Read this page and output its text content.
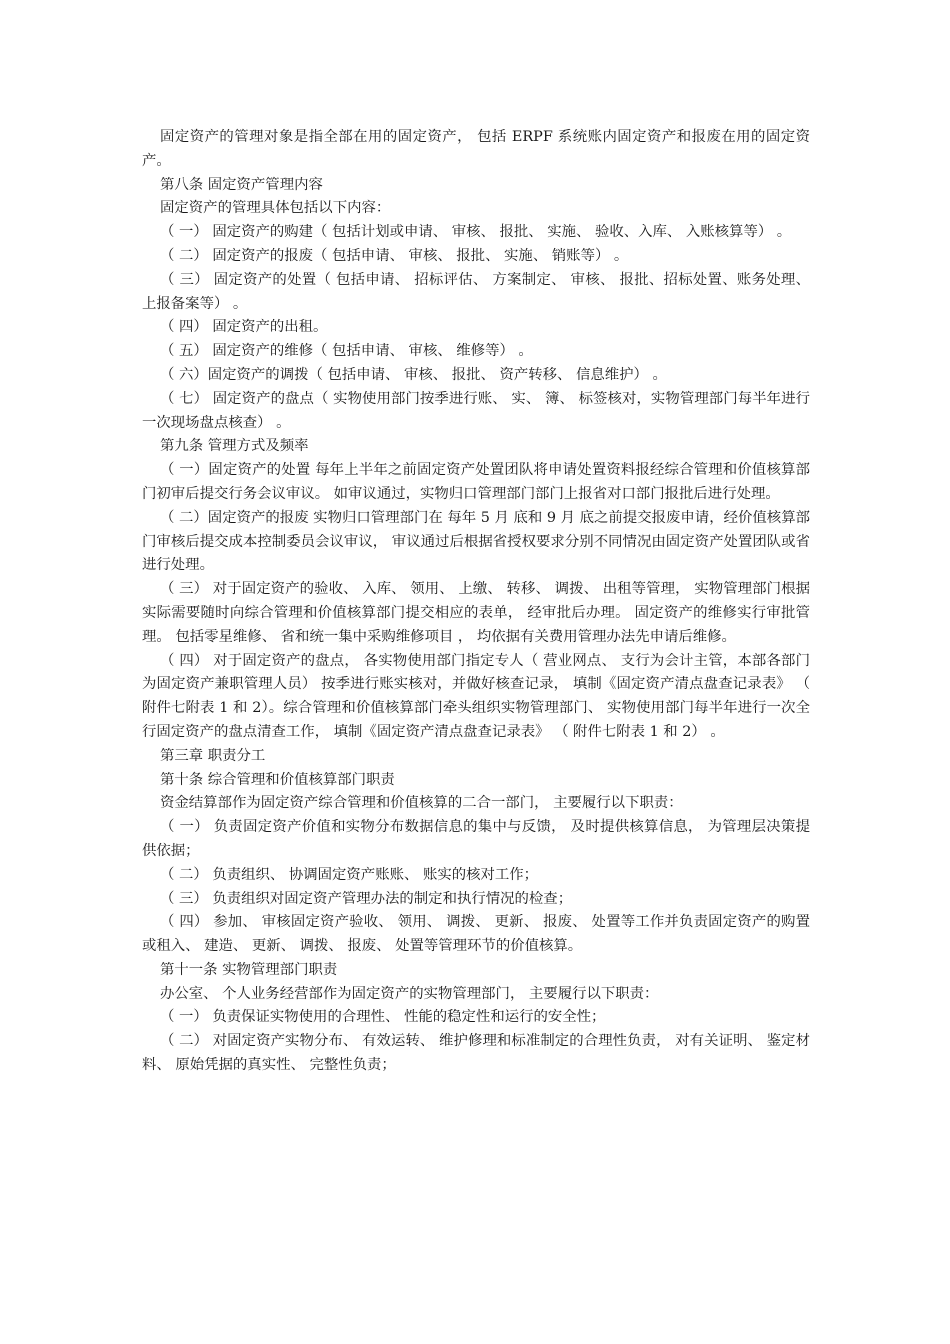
固定资产的管理对象是指全部在用的固定资产， 包括 ERPF 系统账内固定资产和报废在用的固定资产。

第八条 固定资产管理内容

固定资产的管理具体包括以下内容：

（ 一） 固定资产的购建（ 包括计划或申请、 审核、 报批、 实施、 验收、入库、 入账核算等） 。

（ 二） 固定资产的报废（ 包括申请、 审核、 报批、 实施、 销账等） 。

（ 三） 固定资产的处置（ 包括申请、 招标评估、 方案制定、 审核、 报批、招标处置、账务处理、 上报备案等） 。

（ 四） 固定资产的出租。

（ 五） 固定资产的维修（ 包括申请、 审核、 维修等） 。

（ 六）固定资产的调拨（ 包括申请、 审核、 报批、 资产转移、 信息维护） 。

（ 七） 固定资产的盘点（ 实物使用部门按季进行账、 实、 簿、 标签核对，实物管理部门每半年进行一次现场盘点核查） 。

第九条 管理方式及频率

（ 一）固定资产的处置 每年上半年之前固定资产处置团队将申请处置资料报经综合管理和价值核算部门初审后提交行务会议审议。 如审议通过，实物归口管理部门部门上报省对口部门报批后进行处理。

（ 二）固定资产的报废 实物归口管理部门在 每年 5 月 底和 9 月 底之前提交报废申请，经价值核算部门审核后提交成本控制委员会议审议， 审议通过后根据省授权要求分别不同情况由固定资产处置团队或省进行处理。

（ 三） 对于固定资产的验收、 入库、 领用、 上缴、 转移、 调拨、 出租等管理， 实物管理部门根据实际需要随时向综合管理和价值核算部门提交相应的表单， 经审批后办理。 固定资产的维修实行审批管理。 包括零星维修、 省和统一集中采购维修项目 ， 均依据有关费用管理办法先申请后维修。

（ 四） 对于固定资产的盘点， 各实物使用部门指定专人（ 营业网点、 支行为会计主管，本部各部门为固定资产兼职管理人员） 按季进行账实核对，并做好核查记录， 填制《固定资产清点盘查记录表》 （ 附件七附表 1 和 2）。综合管理和价值核算部门牵头组织实物管理部门、 实物使用部门每半年进行一次全行固定资产的盘点清查工作， 填制《固定资产清点盘查记录表》 （ 附件七附表 1 和 2） 。

第三章 职责分工

第十条 综合管理和价值核算部门职责

资金结算部作为固定资产综合管理和价值核算的二合一部门， 主要履行以下职责：

（ 一） 负责固定资产价值和实物分布数据信息的集中与反馈， 及时提供核算信息， 为管理层决策提供依据；

（ 二） 负责组织、 协调固定资产账账、 账实的核对工作；

（ 三） 负责组织对固定资产管理办法的制定和执行情况的检查；

（ 四） 参加、 审核固定资产验收、 领用、 调拨、 更新、 报废、 处置等工作并负责固定资产的购置或租入、 建造、 更新、 调拨、 报废、 处置等管理环节的价值核算。

第十一条 实物管理部门职责

办公室、 个人业务经营部作为固定资产的实物管理部门， 主要履行以下职责：

（ 一） 负责保证实物使用的合理性、 性能的稳定性和运行的安全性；

（ 二） 对固定资产实物分布、 有效运转、 维护修理和标准制定的合理性负责， 对有关证明、 鉴定材料、 原始凭据的真实性、 完整性负责；
